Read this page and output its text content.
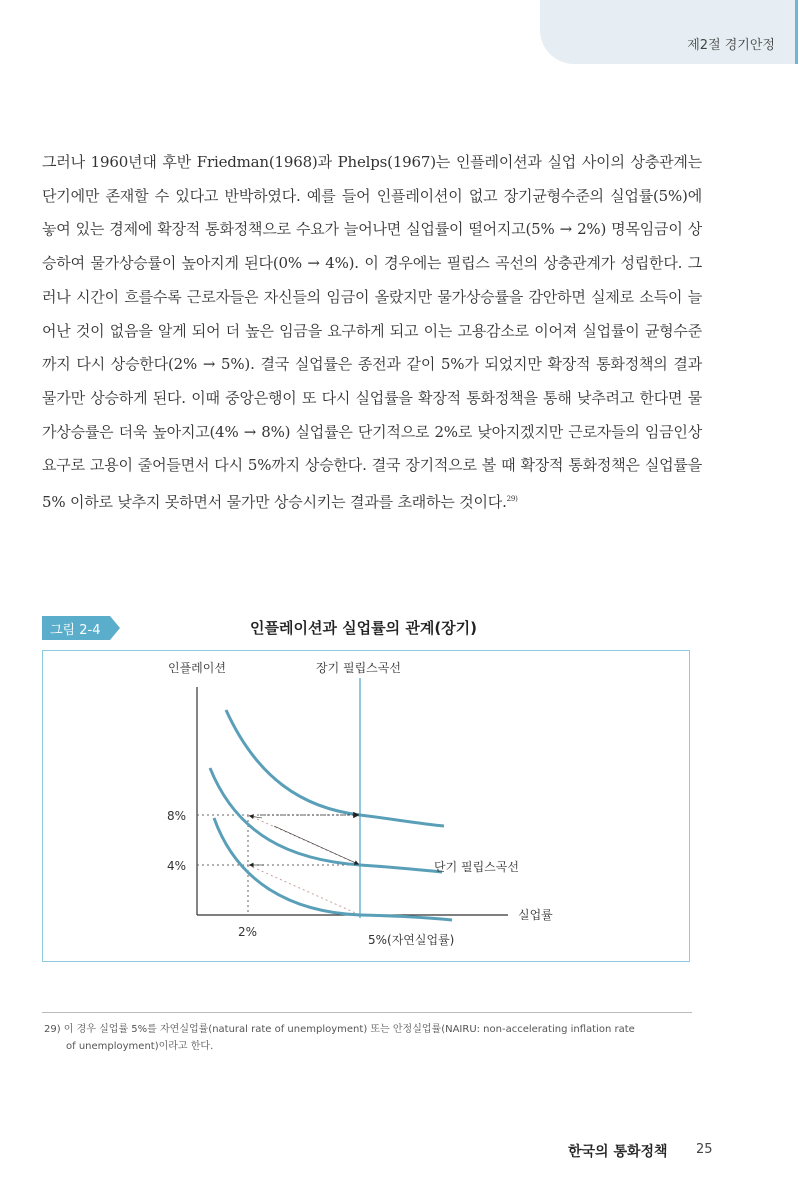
제2절 경기안정

그러나 1960년대 후반 Friedman(1968)과 Phelps(1967)는 인플레이션과 실업 사이의 상충관계는 단기에만 존재할 수 있다고 반박하였다. 예를 들어 인플레이션이 없고 장기균형수준의 실업률(5%)에 놓여 있는 경제에 확장적 통화정책으로 수요가 늘어나면 실업률이 떨어지고(5% → 2%) 명목임금이 상승하여 물가상승률이 높아지게 된다(0% → 4%). 이 경우에는 필립스 곡선의 상충관계가 성립한다. 그러나 시간이 흐를수록 근로자들은 자신들의 임금이 올랐지만 물가상승률을 감안하면 실제로 소득이 늘어난 것이 없음을 알게 되어 더 높은 임금을 요구하게 되고 이는 고용감소로 이어져 실업률이 균형수준까지 다시 상승한다(2% → 5%). 결국 실업률은 종전과 같이 5%가 되었지만 확장적 통화정책의 결과 물가만 상승하게 된다. 이때 중앙은행이 또 다시 실업률을 확장적 통화정책을 통해 낮추려고 한다면 물가상승률은 더욱 높아지고(4% → 8%) 실업률은 단기적으로 2%로 낮아지겠지만 근로자들의 임금인상 요구로 고용이 줄어들면서 다시 5%까지 상승한다. 결국 장기적으로 볼 때 확장적 통화정책은 실업률을 5% 이하로 낮추지 못하면서 물가만 상승시키는 결과를 초래하는 것이다.$^{29)}$

그림 2-4	인플레이션과 실업률의 관계(장기)
인플레이션	장기 필립스곡선
8%
4%
2%
5%(자연실업률)
실업률
단기 필립스곡선
29) 이 경우 실업률 5%를 자연실업률(natural rate of unemployment) 또는 안정실업률(NAIRU: non-accelerating inflation rate
of unemployment)이라고 한다.
한국의 통화정책 25
